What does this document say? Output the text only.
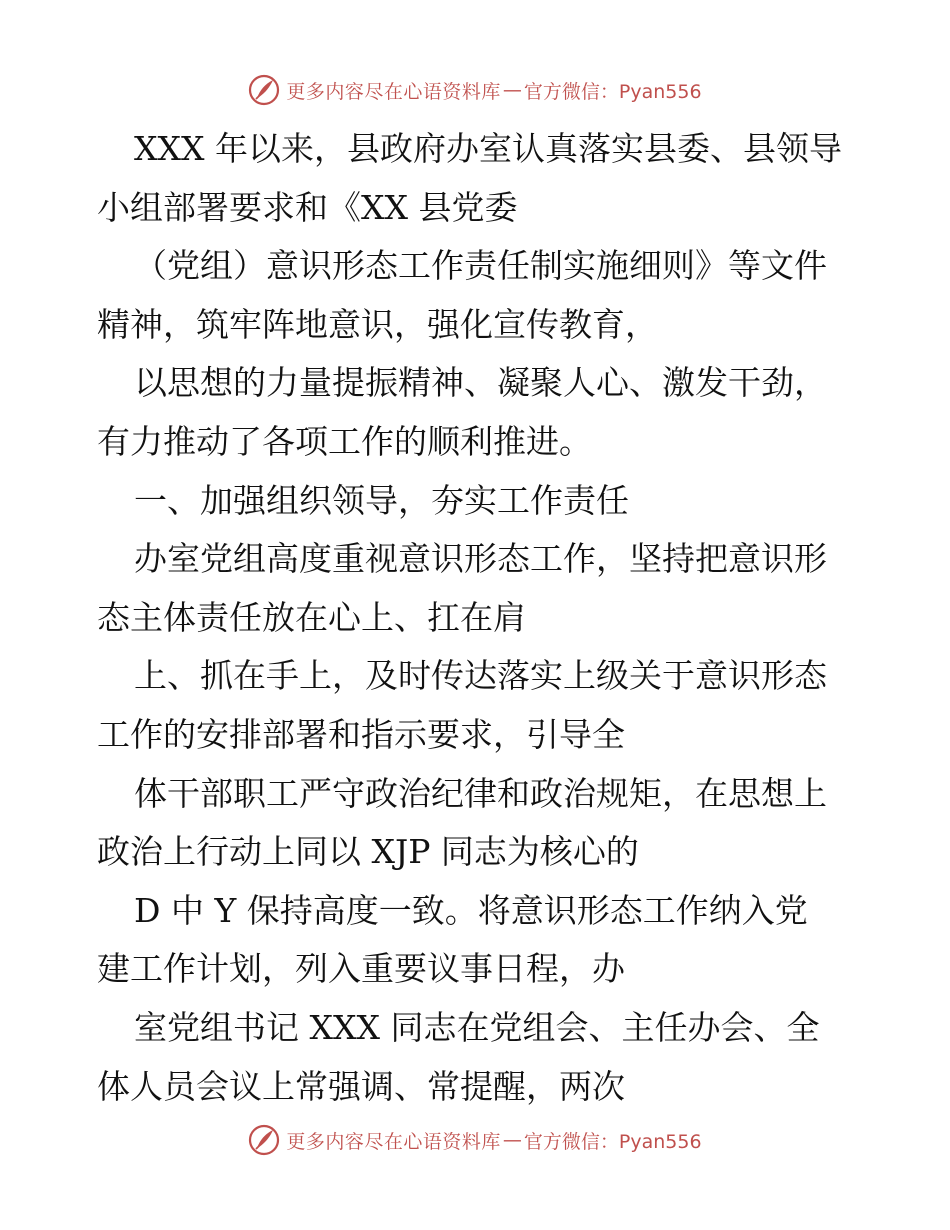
更多内容尽在心语资料库 — 官方微信：Pyan556
XXX 年以来，县政府办室认真落实县委、县领导
小组部署要求和《XX 县党委
（党组）意识形态工作责任制实施细则》等文件
精神，筑牢阵地意识，强化宣传教育，
以思想的力量提振精神、凝聚人心、激发干劲，
有力推动了各项工作的顺利推进。
一、加强组织领导，夯实工作责任
办室党组高度重视意识形态工作，坚持把意识形
态主体责任放在心上、扛在肩
上、抓在手上，及时传达落实上级关于意识形态
工作的安排部署和指示要求，引导全
体干部职工严守政治纪律和政治规矩，在思想上
政治上行动上同以 XJP 同志为核心的
D 中 Y 保持高度一致。将意识形态工作纳入党
建工作计划，列入重要议事日程，办
室党组书记 XXX 同志在党组会、主任办会、全
体人员会议上常强调、常提醒，两次
更多内容尽在心语资料库 — 官方微信：Pyan556
